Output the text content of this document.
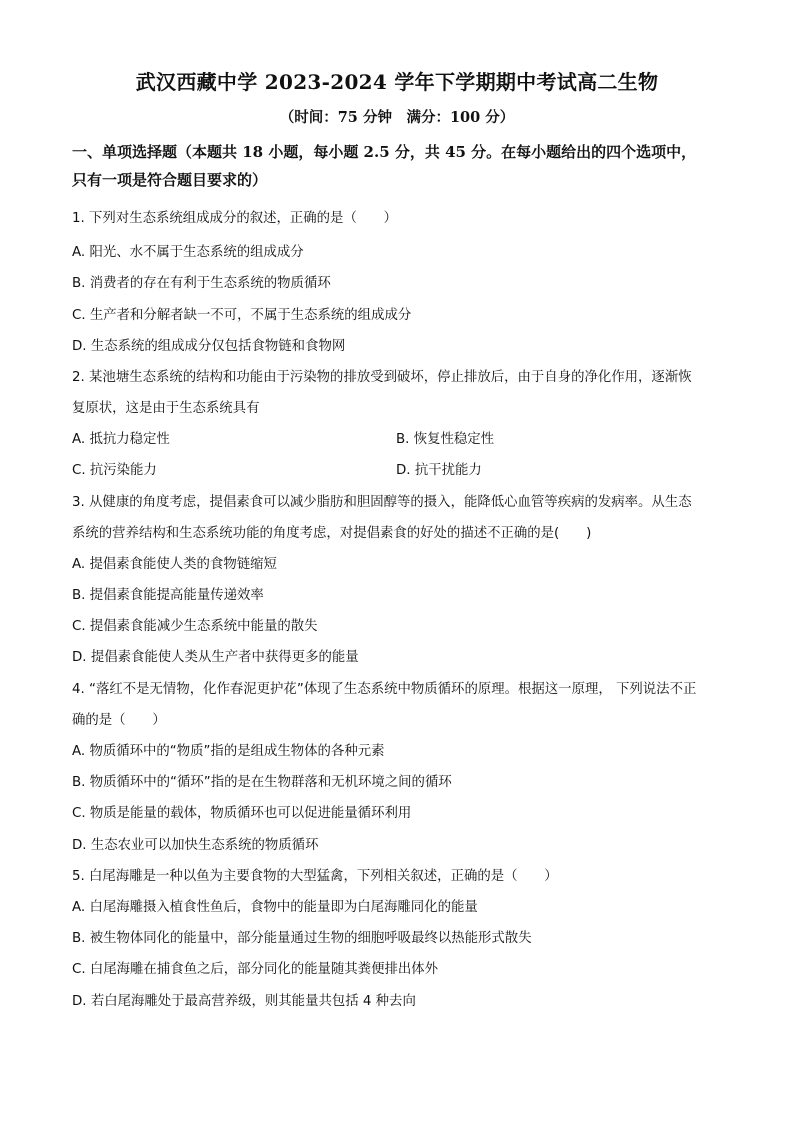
武汉西藏中学 2023-2024 学年下学期期中考试高二生物
（时间：75 分钟　满分：100 分）
一、单项选择题（本题共 18 小题，每小题 2.5 分，共 45 分。在每小题给出的四个选项中，
只有一项是符合题目要求的）
1. 下列对生态系统组成成分的叙述，正确的是（　　）
A. 阳光、水不属于生态系统的组成成分
B. 消费者的存在有利于生态系统的物质循环
C. 生产者和分解者缺一不可，不属于生态系统的组成成分
D. 生态系统的组成成分仅包括食物链和食物网
2. 某池塘生态系统的结构和功能由于污染物的排放受到破坏，停止排放后，由于自身的净化作用，逐渐恢
复原状，这是由于生态系统具有
A. 抵抗力稳定性	B. 恢复性稳定性
C. 抗污染能力	D. 抗干扰能力
3. 从健康的角度考虑，提倡素食可以减少脂肪和胆固醇等的摄入，能降低心血管等疾病的发病率。从生态
系统的营养结构和生态系统功能的角度考虑，对提倡素食的好处的描述不正确的是(　　)
A. 提倡素食能使人类的食物链缩短
B. 提倡素食能提高能量传递效率
C. 提倡素食能减少生态系统中能量的散失
D. 提倡素食能使人类从生产者中获得更多的能量
4. “落红不是无情物，化作春泥更护花”体现了生态系统中物质循环的原理。根据这一原理， 下列说法不正
确的是（　　）
A. 物质循环中的“物质”指的是组成生物体的各种元素
B. 物质循环中的“循环”指的是在生物群落和无机环境之间的循环
C. 物质是能量的载体，物质循环也可以促进能量循环利用
D. 生态农业可以加快生态系统的物质循环
5. 白尾海雕是一种以鱼为主要食物的大型猛禽，下列相关叙述，正确的是（　　）
A. 白尾海雕摄入植食性鱼后，食物中的能量即为白尾海雕同化的能量
B. 被生物体同化的能量中，部分能量通过生物的细胞呼吸最终以热能形式散失
C. 白尾海雕在捕食鱼之后，部分同化的能量随其粪便排出体外
D. 若白尾海雕处于最高营养级，则其能量共包括 4 种去向
